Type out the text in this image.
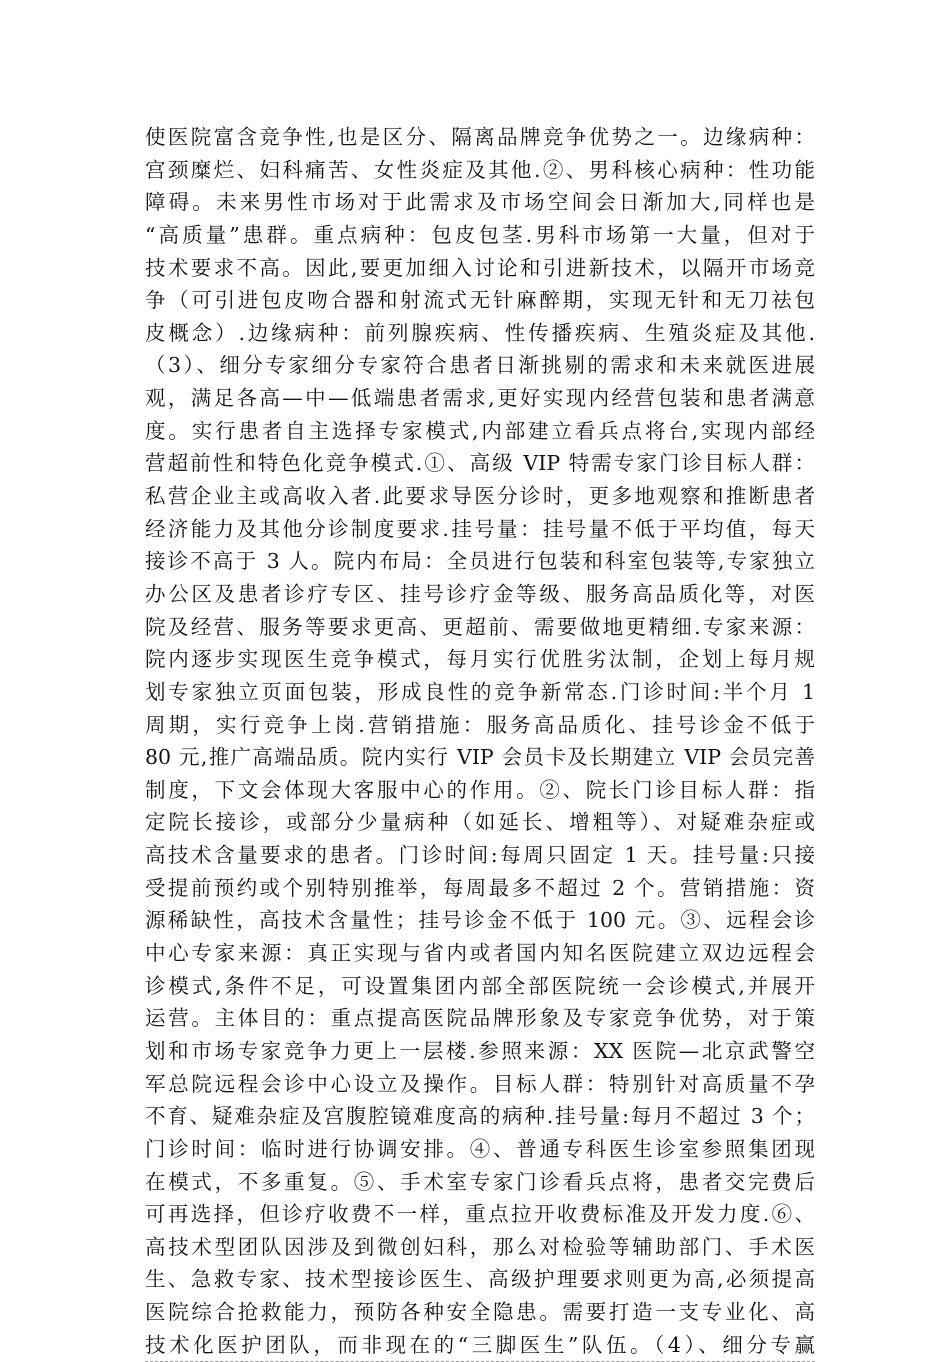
使医院富含竞争性,也是区分、隔离品牌竞争优势之一。边缘病种：
宫颈糜烂、妇科痛苦、女性炎症及其他.②、男科核心病种：性功能
障碍。未来男性市场对于此需求及市场空间会日渐加大,同样也是
“高质量”患群。重点病种：包皮包茎.男科市场第一大量，但对于
技术要求不高。因此,要更加细入讨论和引进新技术，以隔开市场竞
争（可引进包皮吻合器和射流式无针麻醉期，实现无针和无刀祛包
皮概念）.边缘病种：前列腺疾病、性传播疾病、生殖炎症及其他.
（3）、细分专家细分专家符合患者日渐挑剔的需求和未来就医进展
观，满足各高—中—低端患者需求,更好实现内经营包装和患者满意
度。实行患者自主选择专家模式,内部建立看兵点将台,实现内部经
营超前性和特色化竞争模式.①、高级 VIP 特需专家门诊目标人群：
私营企业主或高收入者.此要求导医分诊时，更多地观察和推断患者
经济能力及其他分诊制度要求.挂号量：挂号量不低于平均值，每天
接诊不高于 3 人。院内布局：全员进行包装和科室包装等,专家独立
办公区及患者诊疗专区、挂号诊疗金等级、服务高品质化等，对医
院及经营、服务等要求更高、更超前、需要做地更精细.专家来源：
院内逐步实现医生竞争模式，每月实行优胜劣汰制，企划上每月规
划专家独立页面包装，形成良性的竞争新常态.门诊时间:半个月 1
周期，实行竞争上岗.营销措施：服务高品质化、挂号诊金不低于
80 元,推广高端品质。院内实行 VIP 会员卡及长期建立 VIP 会员完善
制度，下文会体现大客服中心的作用。②、院长门诊目标人群：指
定院长接诊，或部分少量病种（如延长、增粗等）、对疑难杂症或
高技术含量要求的患者。门诊时间:每周只固定 1 天。挂号量:只接
受提前预约或个别特别推举，每周最多不超过 2 个。营销措施：资
源稀缺性，高技术含量性；挂号诊金不低于 100 元。③、远程会诊
中心专家来源：真正实现与省内或者国内知名医院建立双边远程会
诊模式,条件不足，可设置集团内部全部医院统一会诊模式,并展开
运营。主体目的：重点提高医院品牌形象及专家竞争优势，对于策
划和市场专家竞争力更上一层楼.参照来源：XX 医院—北京武警空
军总院远程会诊中心设立及操作。目标人群：特别针对高质量不孕
不育、疑难杂症及宫腹腔镜难度高的病种.挂号量:每月不超过 3 个；
门诊时间：临时进行协调安排。④、普通专科医生诊室参照集团现
在模式，不多重复。⑤、手术室专家门诊看兵点将，患者交完费后
可再选择，但诊疗收费不一样，重点拉开收费标准及开发力度.⑥、
高技术型团队因涉及到微创妇科，那么对检验等辅助部门、手术医
生、急救专家、技术型接诊医生、高级护理要求则更为高,必须提高
医院综合抢救能力，预防各种安全隐患。需要打造一支专业化、高
技术化医护团队，而非现在的“三脚医生”队伍。（4）、细分专赢
